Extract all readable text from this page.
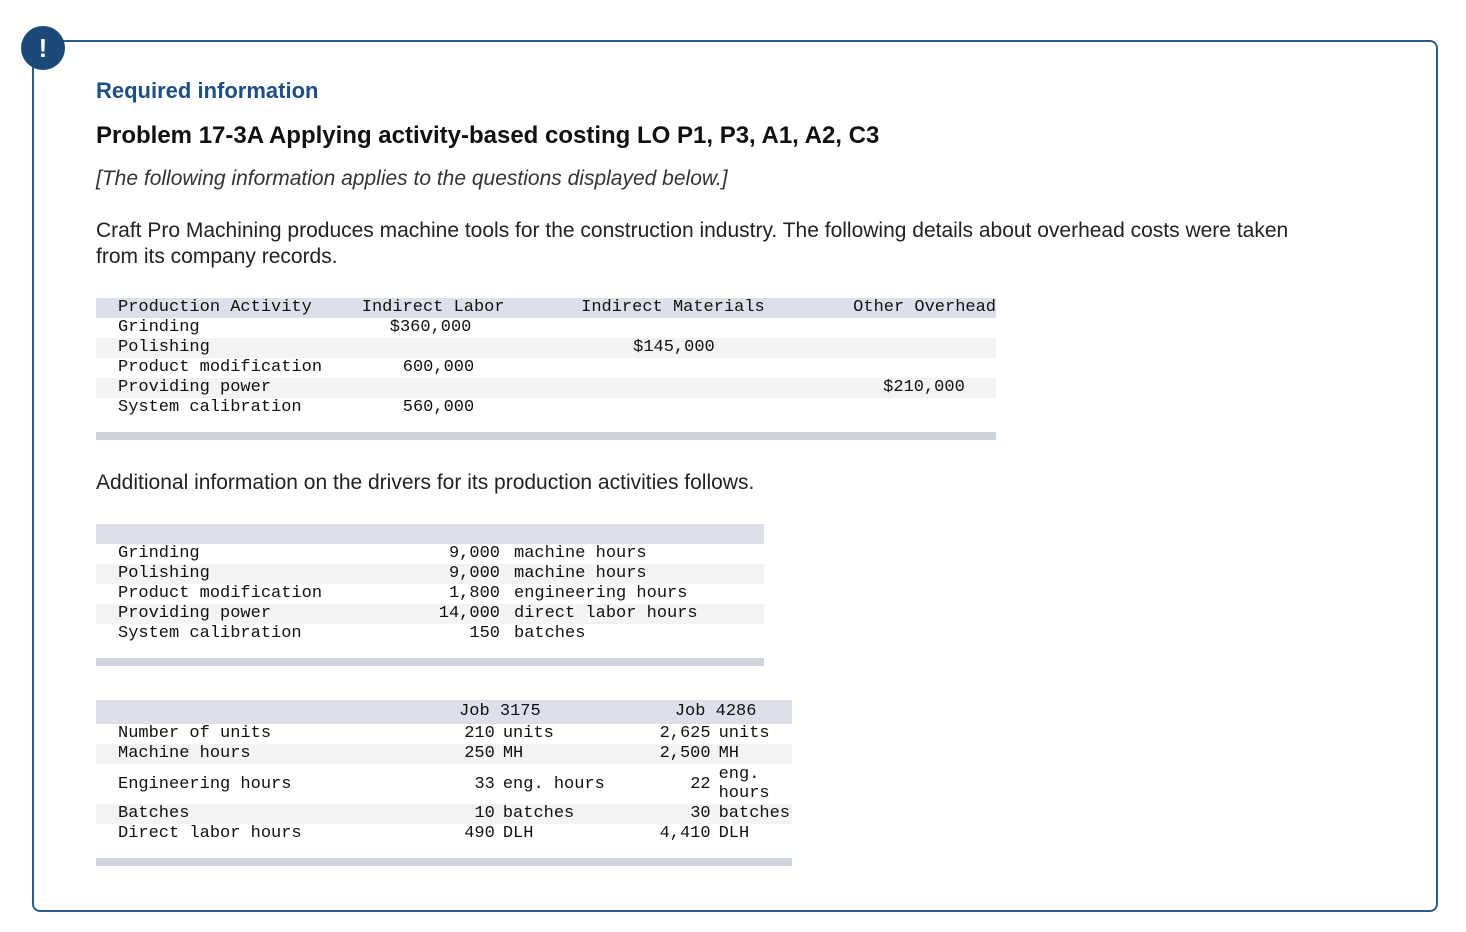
!
Required information
Problem 17-3A Applying activity-based costing LO P1, P3, A1, A2, C3

[The following information applies to the questions displayed below.]

Craft Pro Machining produces machine tools for the construction industry. The following details about overhead costs were taken from its company records.

Production Activity	Indirect Labor	Indirect Materials	Other Overhead
Grinding	$360,000		
Polishing		$145,000	
Product modification	600,000		
Providing power			$210,000
System calibration	560,000		

Additional information on the drivers for its production activities follows.

Grinding	9,000	machine hours
Polishing	9,000	machine hours
Product modification	1,800	engineering hours
Providing power	14,000	direct labor hours
System calibration	150	batches

	Job 3175		Job 4286	
Number of units	210	units	2,625	units
Machine hours	250	MH	2,500	MH
Engineering hours	33	eng. hours	22	eng. hours
Batches	10	batches	30	batches
Direct labor hours	490	DLH	4,410	DLH
